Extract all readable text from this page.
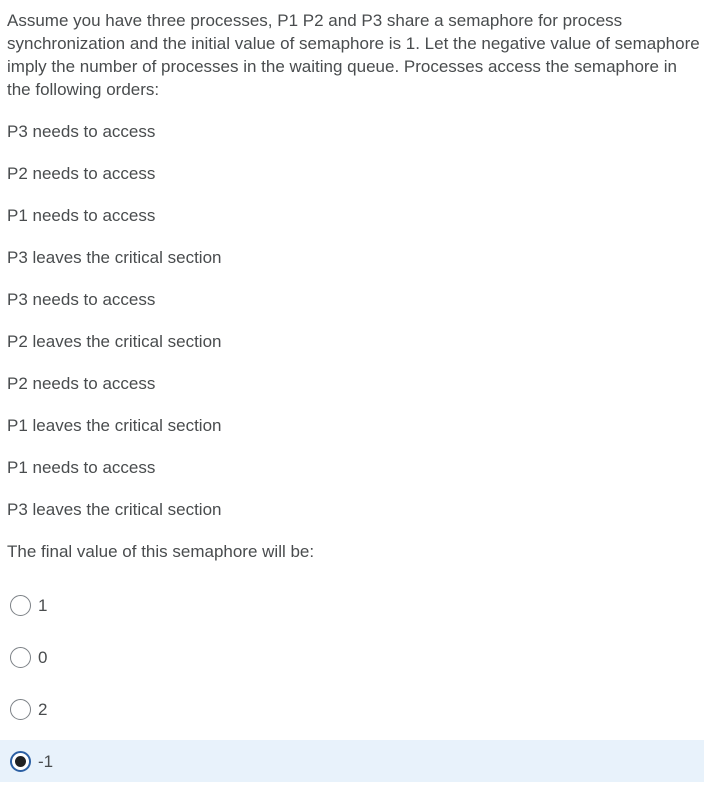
Assume you have three processes, P1 P2 and P3 share a semaphore for process synchronization and the initial value of semaphore is 1. Let the negative value of semaphore imply the number of processes in the waiting queue. Processes access the semaphore in the following orders:

P3 needs to access
P2 needs to access
P1 needs to access
P3 leaves the critical section
P3 needs to access
P2 leaves the critical section
P2 needs to access
P1 leaves the critical section
P1 needs to access
P3 leaves the critical section

The final value of this semaphore will be:

1
0
2
-1
